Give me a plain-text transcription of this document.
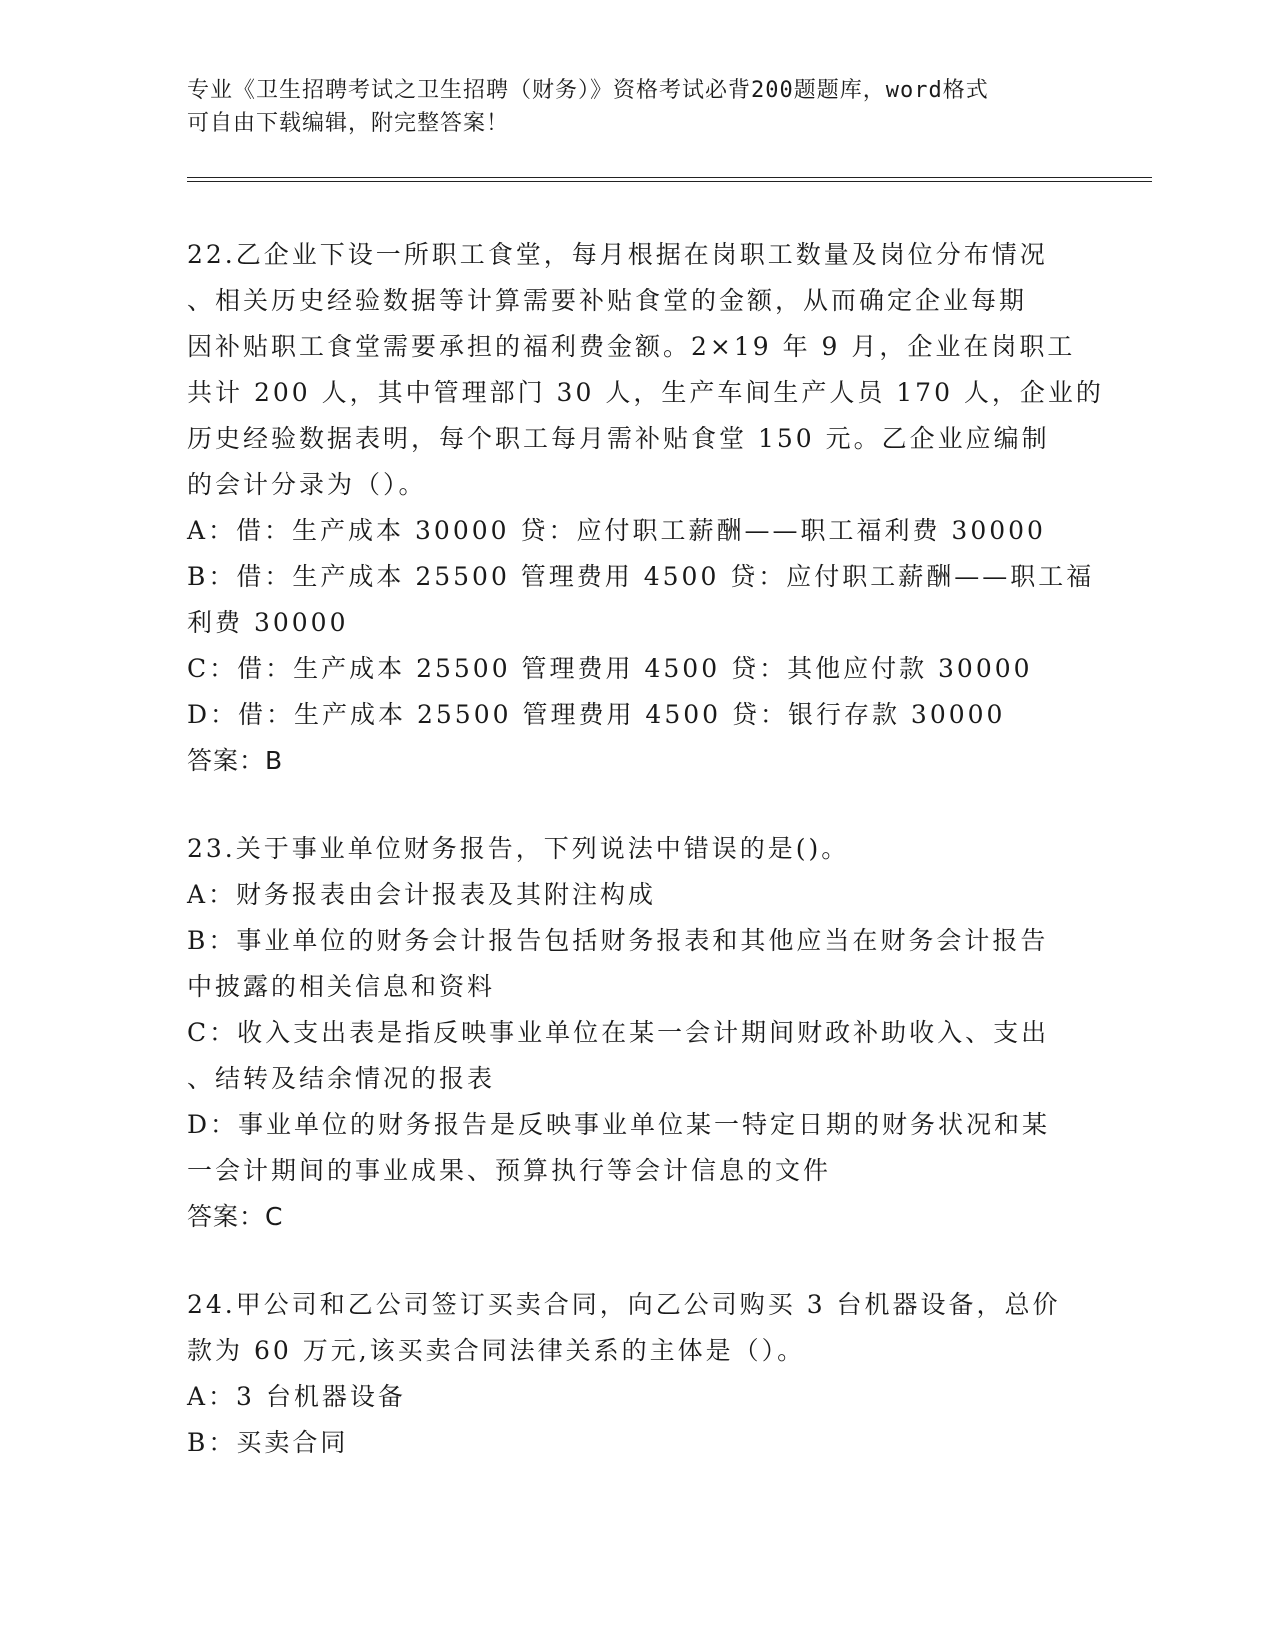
专业《卫生招聘考试之卫生招聘（财务）》资格考试必背200题题库，word格式
可自由下载编辑，附完整答案！
22.乙企业下设一所职工食堂，每月根据在岗职工数量及岗位分布情况
、相关历史经验数据等计算需要补贴食堂的金额，从而确定企业每期
因补贴职工食堂需要承担的福利费金额。2×19 年 9 月，企业在岗职工
共计 200 人，其中管理部门 30 人，生产车间生产人员 170 人，企业的
历史经验数据表明，每个职工每月需补贴食堂 150 元。乙企业应编制
的会计分录为（）。
A：借：生产成本 30000 贷：应付职工薪酬——职工福利费 30000
B：借：生产成本 25500 管理费用 4500 贷：应付职工薪酬——职工福
利费 30000
C：借：生产成本 25500 管理费用 4500 贷：其他应付款 30000
D：借：生产成本 25500 管理费用 4500 贷：银行存款 30000
答案：B
23.关于事业单位财务报告，下列说法中错误的是()。
A：财务报表由会计报表及其附注构成
B：事业单位的财务会计报告包括财务报表和其他应当在财务会计报告
中披露的相关信息和资料
C：收入支出表是指反映事业单位在某一会计期间财政补助收入、支出
、结转及结余情况的报表
D：事业单位的财务报告是反映事业单位某一特定日期的财务状况和某
一会计期间的事业成果、预算执行等会计信息的文件
答案：C
24.甲公司和乙公司签订买卖合同，向乙公司购买 3 台机器设备，总价
款为 60 万元,该买卖合同法律关系的主体是（）。
A：3 台机器设备
B：买卖合同
